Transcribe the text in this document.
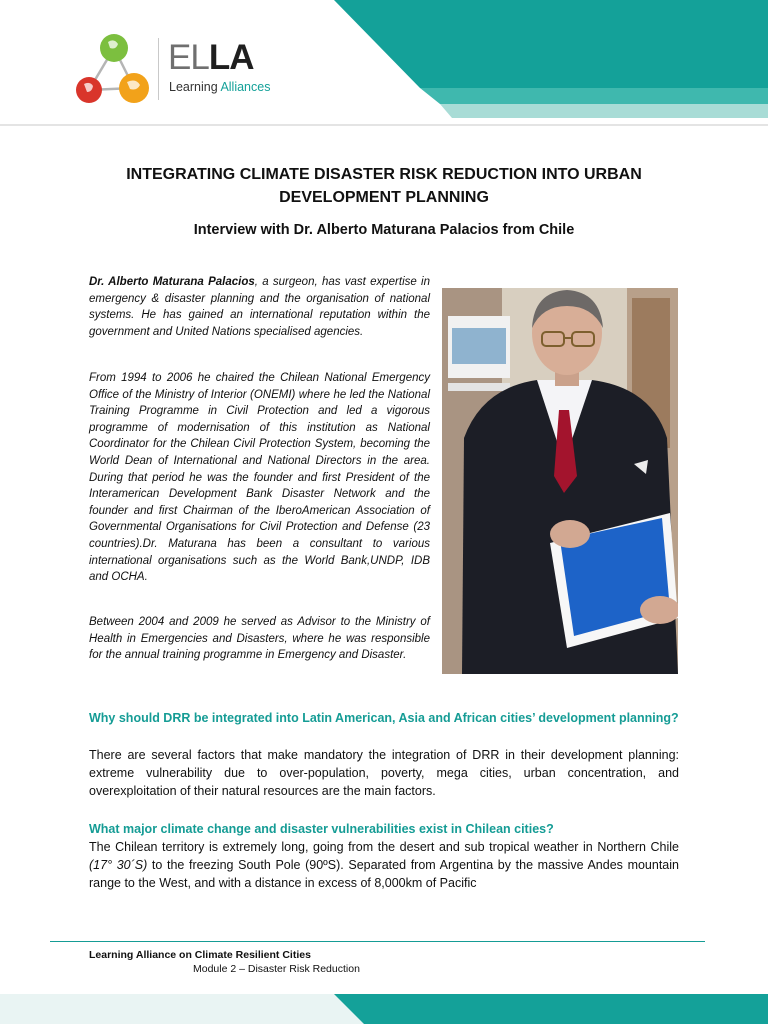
ELLA
Learning Alliances
INTEGRATING CLIMATE DISASTER RISK REDUCTION INTO URBAN DEVELOPMENT PLANNING
Interview with Dr. Alberto Maturana Palacios from Chile

Dr. Alberto Maturana Palacios, a surgeon, has vast expertise in emergency & disaster planning and the organisation of national systems. He has gained an international reputation within the government and United Nations specialised agencies.

From 1994 to 2006 he chaired the Chilean National Emergency Office of the Ministry of Interior (ONEMI) where he led the National Training Programme in Civil Protection and led a vigorous programme of modernisation of this institution as National Coordinator for the Chilean Civil Protection System, becoming the World Dean of International and National Directors in the area. During that period he was the founder and first President of the Interamerican Development Bank Disaster Network and the founder and first Chairman of the IberoAmerican Association of Governmental Organisations for Civil Protection and Defense (23 countries).Dr. Maturana has been a consultant to various international organisations such as the World Bank,UNDP, IDB and OCHA.

Between 2004 and 2009 he served as Advisor to the Ministry of Health in Emergencies and Disasters, where he was responsible for the annual training programme in Emergency and Disaster.

Why should DRR be integrated into Latin American, Asia and African cities’ development planning?

There are several factors that make mandatory the integration of DRR in their development planning: extreme vulnerability due to over-population, poverty, mega cities, urban concentration, and overexploitation of their natural resources are the main factors.

What major climate change and disaster vulnerabilities exist in Chilean cities?

The Chilean territory is extremely long, going from the desert and sub tropical weather in Northern Chile (17° 30´S) to the freezing South Pole (90ºS). Separated from Argentina by the massive Andes mountain range to the West, and with a distance in excess of 8,000km of Pacific

Learning Alliance on Climate Resilient Cities
Module 2 – Disaster Risk Reduction
